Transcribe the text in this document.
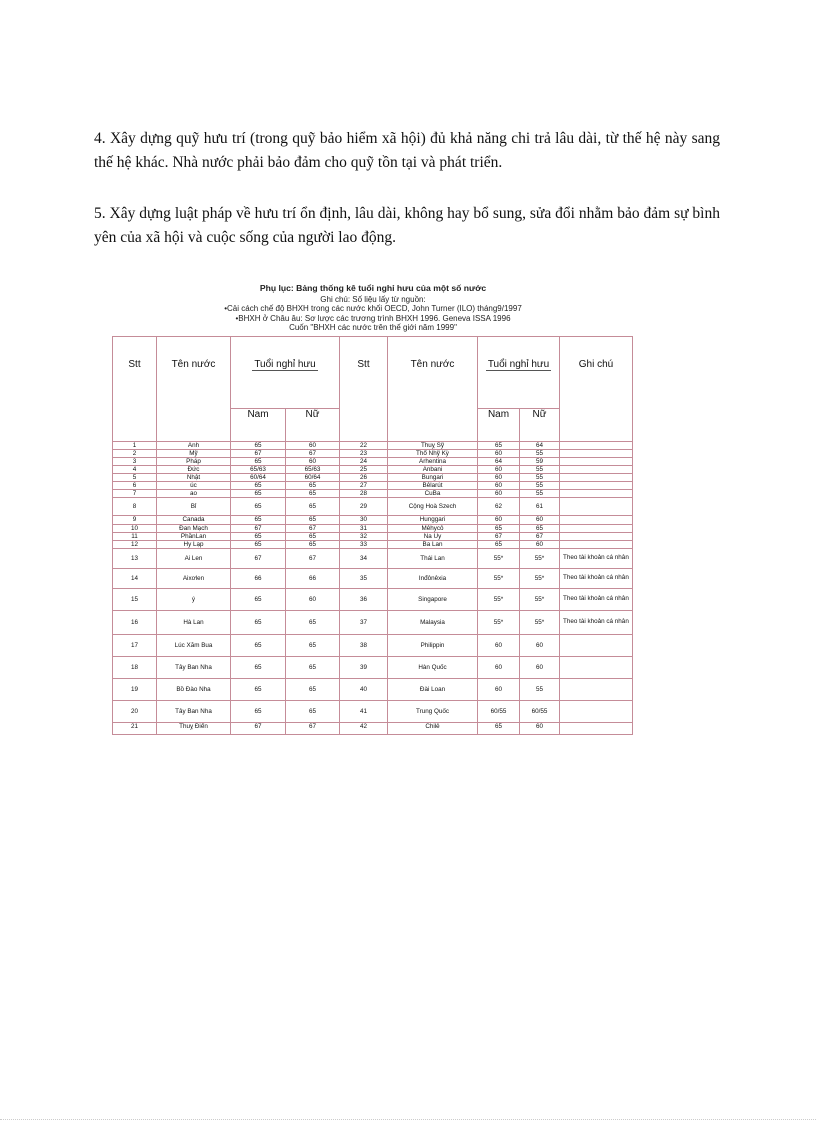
4. Xây dựng quỹ hưu trí (trong quỹ bảo hiểm xã hội) đủ khả năng chi trả lâu dài, từ thế hệ này sang thế hệ khác. Nhà nước phải bảo đảm cho quỹ tồn tại và phát triển.

5. Xây dựng luật pháp về hưu trí ổn định, lâu dài, không hay bổ sung, sửa đổi nhằm bảo đảm sự bình yên của xã hội và cuộc sống của người lao động.

Phụ lục: Bảng thống kê tuổi nghỉ hưu của một số nước
Ghi chú: Số liệu lấy từ nguồn:
•Cải cách chế độ BHXH trong các nước khối OECD, John Turner (ILO) tháng9/1997
•BHXH ở Châu âu: Sơ lược các trương trình BHXH 1996. Geneva ISSA 1996
Cuốn "BHXH các nước trên thế giới năm 1999"
Stt	Tên nước	Tuổi nghỉ hưu		Stt	Tên nước	Tuổi nghỉ hưu		Ghi chú
		Nam	Nữ			Nam	Nữ	
1	Anh	65	60	22	Thuỵ Sỹ	65	64	
2	Mỹ	67	67	23	Thổ Nhỹ Kỳ	60	55	
3	Pháp	65	60	24	Arhentina	64	59	
4	Đức	65/63	65/63	25	Anbani	60	55	
5	Nhật	60/64	60/64	26	Bungari	60	55	
6	úc	65	65	27	Bêlarút	60	55	
7	ao	65	65	28	CuBa	60	55	
8	Bỉ	65	65	29	Cộng Hoà Szech	62	61	
9	Canada	65	65	30	Hunggari	60	60	
10	Đan Mạch	67	67	31	Mêhycô	65	65	
11	PhầnLan	65	65	32	Na Uy	67	67	
12	Hy Lạp	65	65	33	Ba Lan	65	60	
13	Ai Len	67	67	34	Thái Lan	55*	55*	Theo tài khoản cá nhân
14	Aixơlen	66	66	35	Inđônêxia	55*	55*	Theo tài khoản cá nhân
15	ý	65	60	36	Singapore	55*	55*	Theo tài khoản cá nhân
16	Hà Lan	65	65	37	Malaysia	55*	55*	Theo tài khoản cá nhân
17	Lúc Xăm Bua	65	65	38	Philippin	60	60	
18	Tây Ban Nha	65	65	39	Hàn Quốc	60	60	
19	Bồ Đào Nha	65	65	40	Đài Loan	60	55	
20	Tây Ban Nha	65	65	41	Trung Quốc	60/55	60/55	
21	Thuỵ Điển	67	67	42	Chilê	65	60	
